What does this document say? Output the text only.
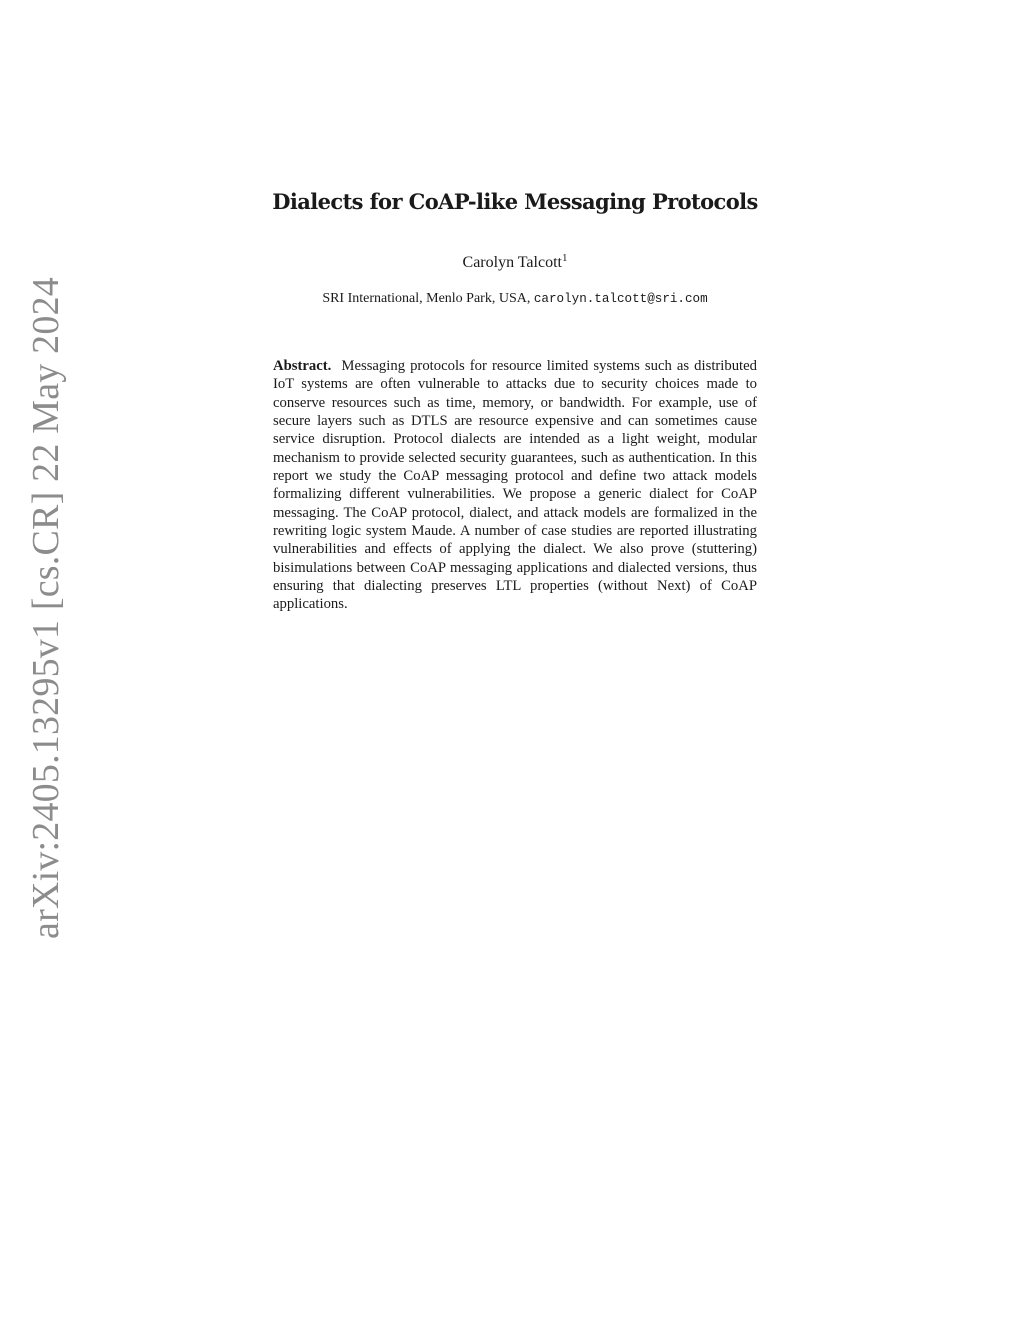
arXiv:2405.13295v1 [cs.CR] 22 May 2024
Dialects for CoAP-like Messaging Protocols
Carolyn Talcott$^1$
SRI International, Menlo Park, USA, carolyn.talcott@sri.com
Abstract. Messaging protocols for resource limited systems such as distributed IoT systems are often vulnerable to attacks due to security choices made to conserve resources such as time, memory, or bandwidth. For example, use of secure layers such as DTLS are resource expensive and can sometimes cause service disruption. Protocol dialects are intended as a light weight, modular mechanism to provide selected security guarantees, such as authentication. In this report we study the CoAP messaging protocol and define two attack models formalizing different vulnerabilities. We propose a generic dialect for CoAP messaging. The CoAP protocol, dialect, and attack models are formalized in the rewriting logic system Maude. A number of case studies are reported illustrating vulnerabilities and effects of applying the dialect. We also prove (stuttering) bisimulations between CoAP messaging applications and dialected versions, thus ensuring that dialecting preserves LTL properties (without Next) of CoAP applications.
